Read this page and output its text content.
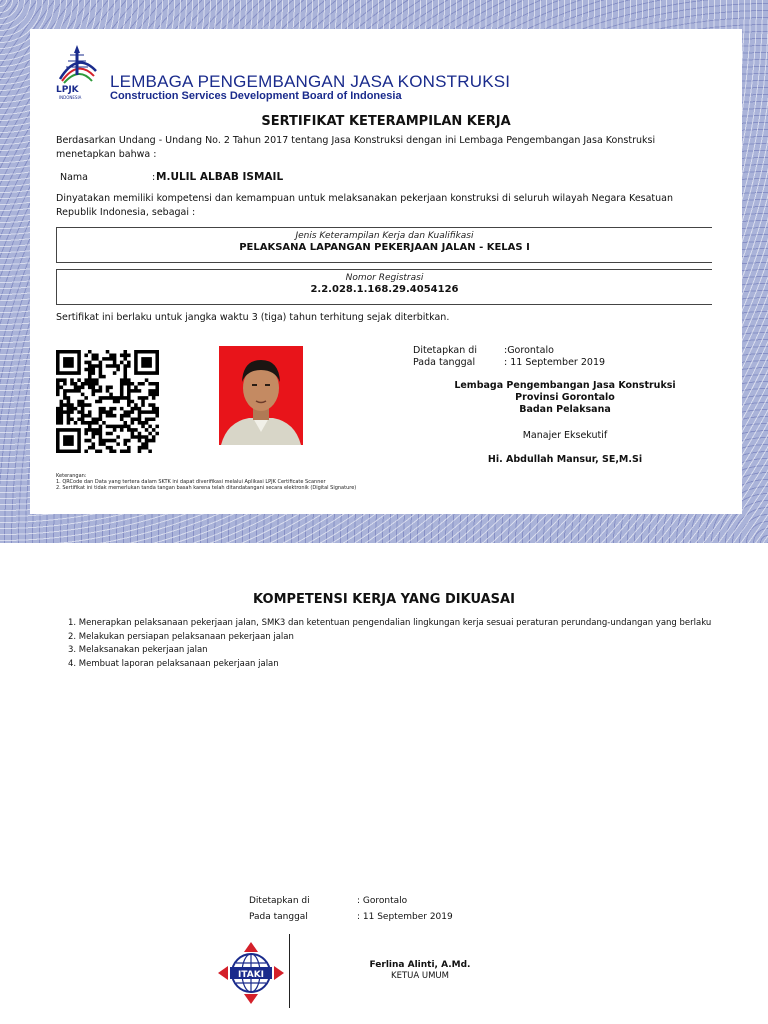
LPJK
INDONESIA
LEMBAGA PENGEMBANGAN JASA KONSTRUKSI
Construction Services Development Board of Indonesia
SERTIFIKAT KETERAMPILAN KERJA
Berdasarkan Undang - Undang No. 2 Tahun 2017 tentang Jasa Konstruksi dengan ini Lembaga Pengembangan Jasa Konstruksi menetapkan bahwa :
Nama	: M.ULIL ALBAB ISMAIL
Dinyatakan memiliki kompetensi dan kemampuan untuk melaksanakan pekerjaan konstruksi di seluruh wilayah Negara Kesatuan Republik Indonesia, sebagai :
Jenis Keterampilan Kerja dan Kualifikasi
PELAKSANA LAPANGAN PEKERJAAN JALAN - KELAS I
Nomor Registrasi
2.2.028.1.168.29.4054126
Sertifikat ini berlaku untuk jangka waktu 3 (tiga) tahun terhitung sejak diterbitkan.
Ditetapkan di	:Gorontalo
Pada tanggal	: 11 September 2019
Lembaga Pengembangan Jasa Konstruksi
Provinsi Gorontalo
Badan Pelaksana
Manajer Eksekutif
Hi. Abdullah Mansur, SE,M.Si
Keterangan:
1. QRCode dan Data yang tertera dalam SKTK ini dapat diverifikasi melalui Aplikasi LPJK Certificate Scanner
2. Sertifikat ini tidak memerlukan tanda tangan basah karena telah ditandatangani secara elektronik (Digital Signature)
KOMPETENSI KERJA YANG DIKUASAI
1. Menerapkan pelaksanaan pekerjaan jalan, SMK3 dan ketentuan pengendalian lingkungan kerja sesuai peraturan perundang-undangan yang berlaku
2. Melakukan persiapan pelaksanaan pekerjaan jalan
3. Melaksanakan pekerjaan jalan
4. Membuat laporan pelaksanaan pekerjaan jalan
Ditetapkan di	: Gorontalo
Pada tanggal	: 11 September 2019
ITAKI
Ferlina Alinti, A.Md.
KETUA UMUM
